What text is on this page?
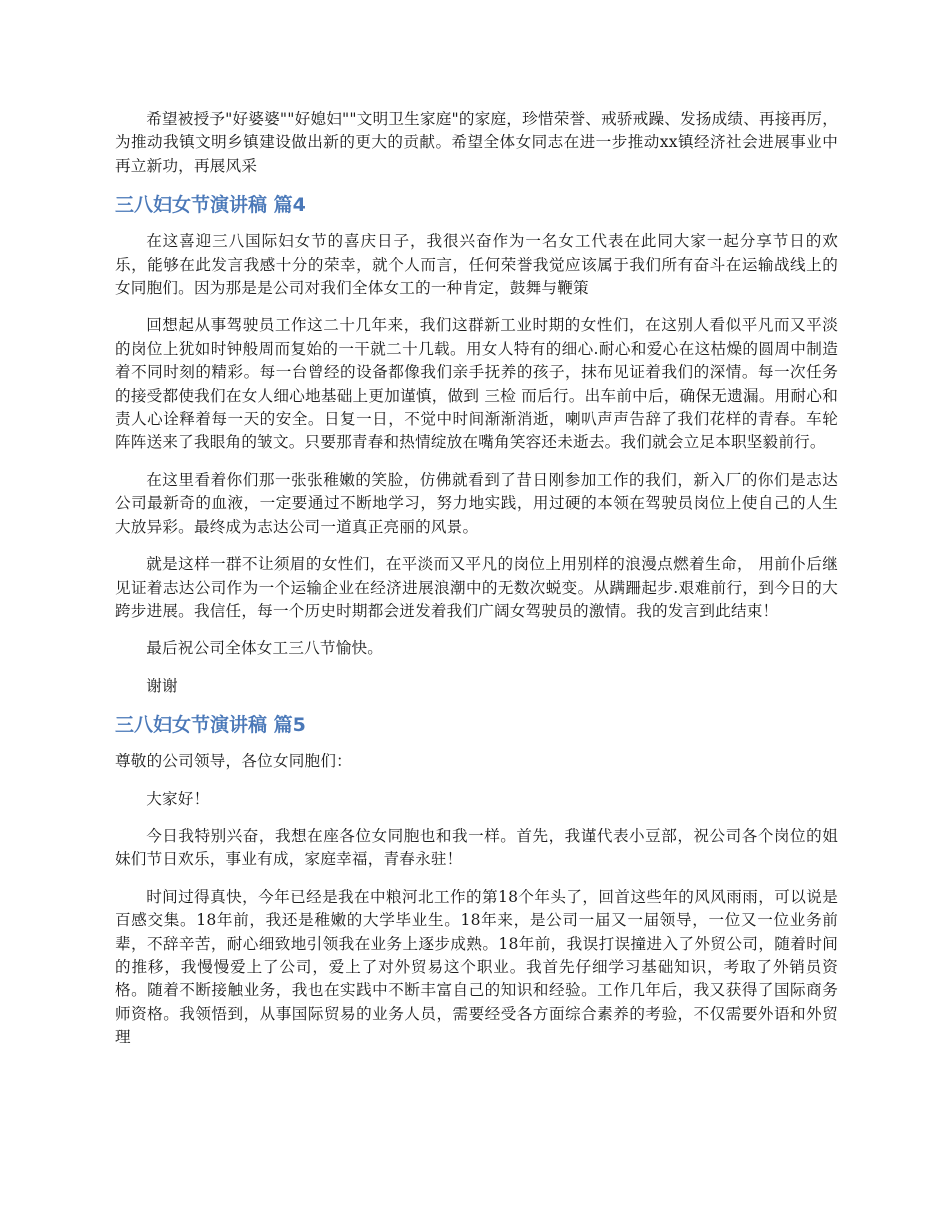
希望被授予"好婆婆""好媳妇""文明卫生家庭"的家庭，珍惜荣誉、戒骄戒躁、发扬成绩、再接再厉，为推动我镇文明乡镇建设做出新的更大的贡献。希望全体女同志在进一步推动xx镇经济社会进展事业中再立新功，再展风采

三八妇女节演讲稿 篇4

在这喜迎三八国际妇女节的喜庆日子，我很兴奋作为一名女工代表在此同大家一起分享节日的欢乐，能够在此发言我感十分的荣幸，就个人而言，任何荣誉我觉应该属于我们所有奋斗在运输战线上的女同胞们。因为那是是公司对我们全体女工的一种肯定，鼓舞与鞭策

回想起从事驾驶员工作这二十几年来，我们这群新工业时期的女性们，在这别人看似平凡而又平淡的岗位上犹如时钟般周而复始的一干就二十几载。用女人特有的细心.耐心和爱心在这枯燥的圆周中制造着不同时刻的精彩。每一台曾经的设备都像我们亲手抚养的孩子，抹布见证着我们的深情。每一次任务的接受都使我们在女人细心地基础上更加谨慎，做到 三检 而后行。出车前中后，确保无遗漏。用耐心和责人心诠释着每一天的安全。日复一日，不觉中时间渐渐消逝，喇叭声声告辞了我们花样的青春。车轮阵阵送来了我眼角的皱文。只要那青春和热情绽放在嘴角笑容还未逝去。我们就会立足本职坚毅前行。

在这里看着你们那一张张稚嫩的笑脸，仿佛就看到了昔日刚参加工作的我们，新入厂的你们是志达公司最新奇的血液，一定要通过不断地学习，努力地实践，用过硬的本领在驾驶员岗位上使自己的人生大放异彩。最终成为志达公司一道真正亮丽的风景。

就是这样一群不让须眉的女性们，在平淡而又平凡的岗位上用别样的浪漫点燃着生命， 用前仆后继见证着志达公司作为一个运输企业在经济进展浪潮中的无数次蜕变。从蹒跚起步.艰难前行，到今日的大跨步进展。我信任，每一个历史时期都会迸发着我们广阔女驾驶员的激情。我的发言到此结束！

最后祝公司全体女工三八节愉快。

谢谢

三八妇女节演讲稿 篇5

尊敬的公司领导，各位女同胞们：

大家好！

今日我特别兴奋，我想在座各位女同胞也和我一样。首先，我谨代表小豆部，祝公司各个岗位的姐妹们节日欢乐，事业有成，家庭幸福，青春永驻！

时间过得真快，今年已经是我在中粮河北工作的第18个年头了，回首这些年的风风雨雨，可以说是百感交集。18年前，我还是稚嫩的大学毕业生。18年来，是公司一届又一届领导，一位又一位业务前辈，不辞辛苦，耐心细致地引领我在业务上逐步成熟。18年前，我误打误撞进入了外贸公司，随着时间的推移，我慢慢爱上了公司，爱上了对外贸易这个职业。我首先仔细学习基础知识，考取了外销员资格。随着不断接触业务，我也在实践中不断丰富自己的知识和经验。工作几年后，我又获得了国际商务师资格。我领悟到，从事国际贸易的业务人员，需要经受各方面综合素养的考验，不仅需要外语和外贸理
